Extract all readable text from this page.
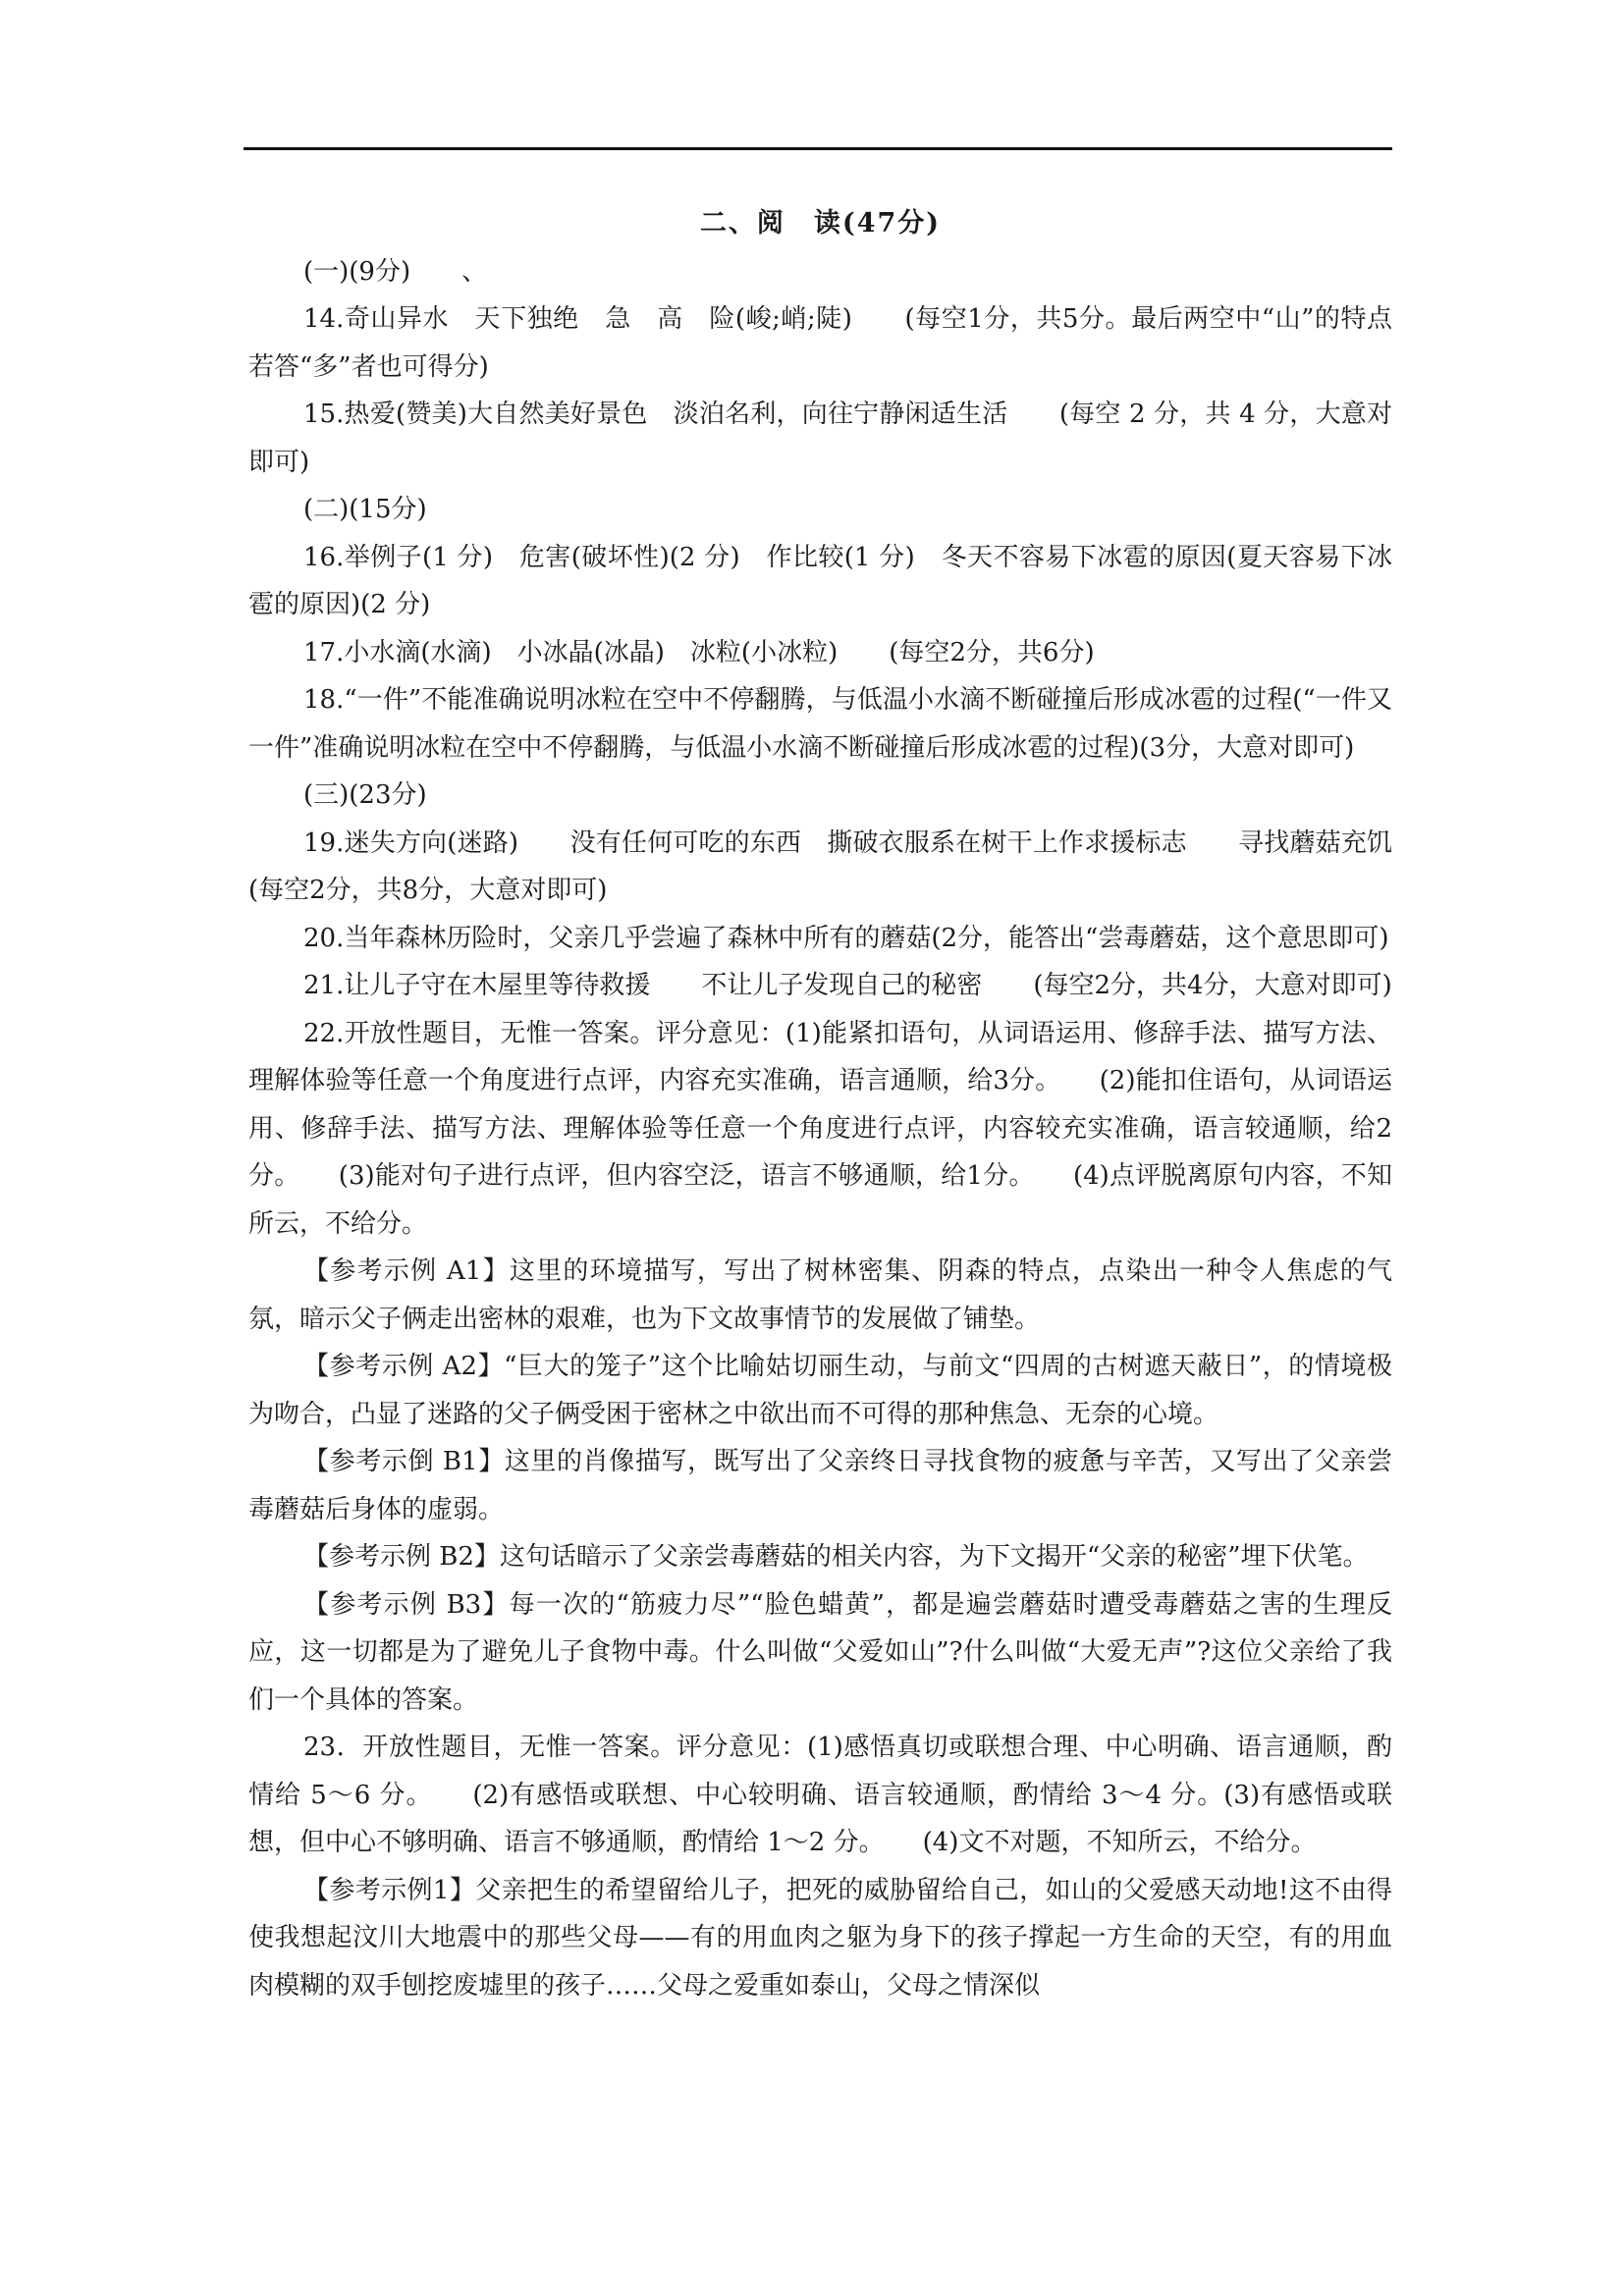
二、阅　读(47分)

(一)(9分)　　、

14.奇山异水　天下独绝　急　高　险(峻;峭;陡)　　(每空1分，共5分。最后两空中“山”的特点若答“多”者也可得分)

15.热爱(赞美)大自然美好景色　淡泊名利，向往宁静闲适生活　　(每空 2 分，共 4 分，大意对即可)

(二)(15分)

16.举例子(1 分)　危害(破坏性)(2 分)　作比较(1 分)　冬天不容易下冰雹的原因(夏天容易下冰雹的原因)(2 分)

17.小水滴(水滴)　小冰晶(冰晶)　冰粒(小冰粒)　　(每空2分，共6分)

18.“一件”不能准确说明冰粒在空中不停翻腾，与低温小水滴不断碰撞后形成冰雹的过程(“一件又一件”准确说明冰粒在空中不停翻腾，与低温小水滴不断碰撞后形成冰雹的过程)(3分，大意对即可)

(三)(23分)

19.迷失方向(迷路)　　没有任何可吃的东西　撕破衣服系在树干上作求援标志　　寻找蘑菇充饥　　(每空2分，共8分，大意对即可)

20.当年森林历险时，父亲几乎尝遍了森林中所有的蘑菇(2分，能答出“尝毒蘑菇，这个意思即可)

21.让儿子守在木屋里等待救援　　不让儿子发现自己的秘密　　(每空2分，共4分，大意对即可)

22.开放性题目，无惟一答案。评分意见：(1)能紧扣语句，从词语运用、修辞手法、描写方法、理解体验等任意一个角度进行点评，内容充实准确，语言通顺，给3分。　　(2)能扣住语句，从词语运用、修辞手法、描写方法、理解体验等任意一个角度进行点评，内容较充实准确，语言较通顺，给2分。　　(3)能对句子进行点评，但内容空泛，语言不够通顺，给1分。　　(4)点评脱离原句内容，不知所云，不给分。

【参考示例 A1】这里的环境描写，写出了树林密集、阴森的特点，点染出一种令人焦虑的气氛，暗示父子俩走出密林的艰难，也为下文故事情节的发展做了铺垫。

【参考示例 A2】“巨大的笼子”这个比喻姑切丽生动，与前文“四周的古树遮天蔽日”，的情境极为吻合，凸显了迷路的父子俩受困于密林之中欲出而不可得的那种焦急、无奈的心境。

【参考示倒 B1】这里的肖像描写，既写出了父亲终日寻找食物的疲惫与辛苦，又写出了父亲尝毒蘑菇后身体的虚弱。

【参考示例 B2】这句话暗示了父亲尝毒蘑菇的相关内容，为下文揭开“父亲的秘密”埋下伏笔。

【参考示例 B3】每一次的“筋疲力尽”“脸色蜡黄”，都是遍尝蘑菇时遭受毒蘑菇之害的生理反应，这一切都是为了避免儿子食物中毒。什么叫做“父爱如山”?什么叫做“大爱无声”?这位父亲给了我们一个具体的答案。

23．开放性题目，无惟一答案。评分意见：(1)感悟真切或联想合理、中心明确、语言通顺，酌情给 5～6 分。　　(2)有感悟或联想、中心较明确、语言较通顺，酌情给 3～4 分。(3)有感悟或联想，但中心不够明确、语言不够通顺，酌情给 1～2 分。　　(4)文不对题，不知所云，不给分。

【参考示例1】父亲把生的希望留给儿子，把死的威胁留给自己，如山的父爱感天动地!这不由得使我想起汶川大地震中的那些父母——有的用血肉之躯为身下的孩子撑起一方生命的天空，有的用血肉模糊的双手刨挖废墟里的孩子……父母之爱重如泰山，父母之情深似
